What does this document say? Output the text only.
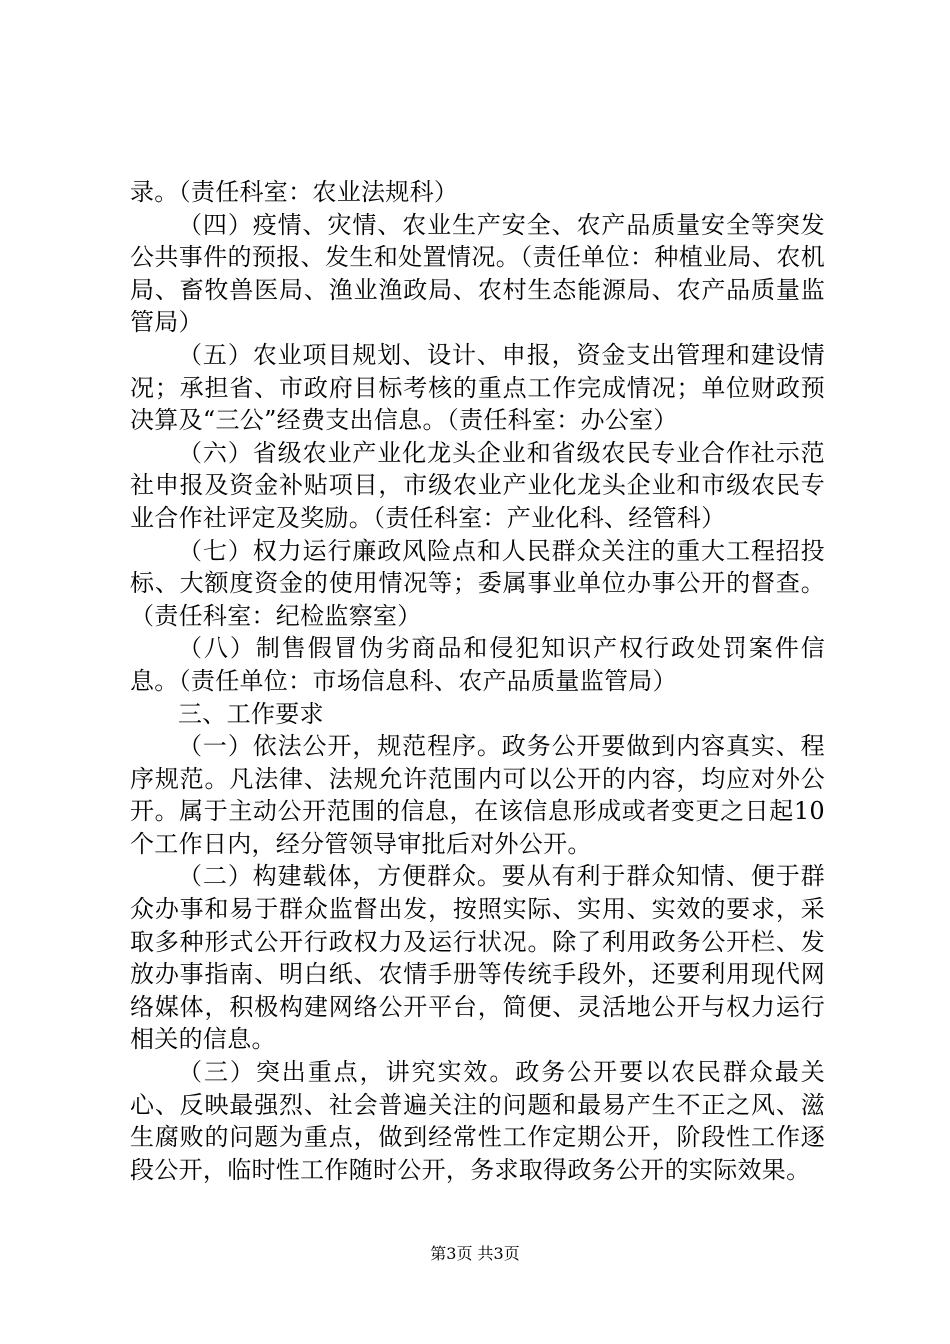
录。（责任科室：农业法规科）

（四）疫情、灾情、农业生产安全、农产品质量安全等突发公共事件的预报、发生和处置情况。（责任单位：种植业局、农机局、畜牧兽医局、渔业渔政局、农村生态能源局、农产品质量监管局）

（五）农业项目规划、设计、申报，资金支出管理和建设情况；承担省、市政府目标考核的重点工作完成情况；单位财政预决算及“三公”经费支出信息。（责任科室：办公室）

（六）省级农业产业化龙头企业和省级农民专业合作社示范社申报及资金补贴项目，市级农业产业化龙头企业和市级农民专业合作社评定及奖励。（责任科室：产业化科、经管科）

（七）权力运行廉政风险点和人民群众关注的重大工程招投标、大额度资金的使用情况等；委属事业单位办事公开的督查。（责任科室：纪检监察室）

（八）制售假冒伪劣商品和侵犯知识产权行政处罚案件信息。（责任单位：市场信息科、农产品质量监管局）

三、工作要求

（一）依法公开，规范程序。政务公开要做到内容真实、程序规范。凡法律、法规允许范围内可以公开的内容，均应对外公开。属于主动公开范围的信息，在该信息形成或者变更之日起10个工作日内，经分管领导审批后对外公开。

（二）构建载体，方便群众。要从有利于群众知情、便于群众办事和易于群众监督出发，按照实际、实用、实效的要求，采取多种形式公开行政权力及运行状况。除了利用政务公开栏、发放办事指南、明白纸、农情手册等传统手段外，还要利用现代网络媒体，积极构建网络公开平台，简便、灵活地公开与权力运行相关的信息。

（三）突出重点，讲究实效。政务公开要以农民群众最关心、反映最强烈、社会普遍关注的问题和最易产生不正之风、滋生腐败的问题为重点，做到经常性工作定期公开，阶段性工作逐段公开，临时性工作随时公开，务求取得政务公开的实际效果。

第3页 共3页
